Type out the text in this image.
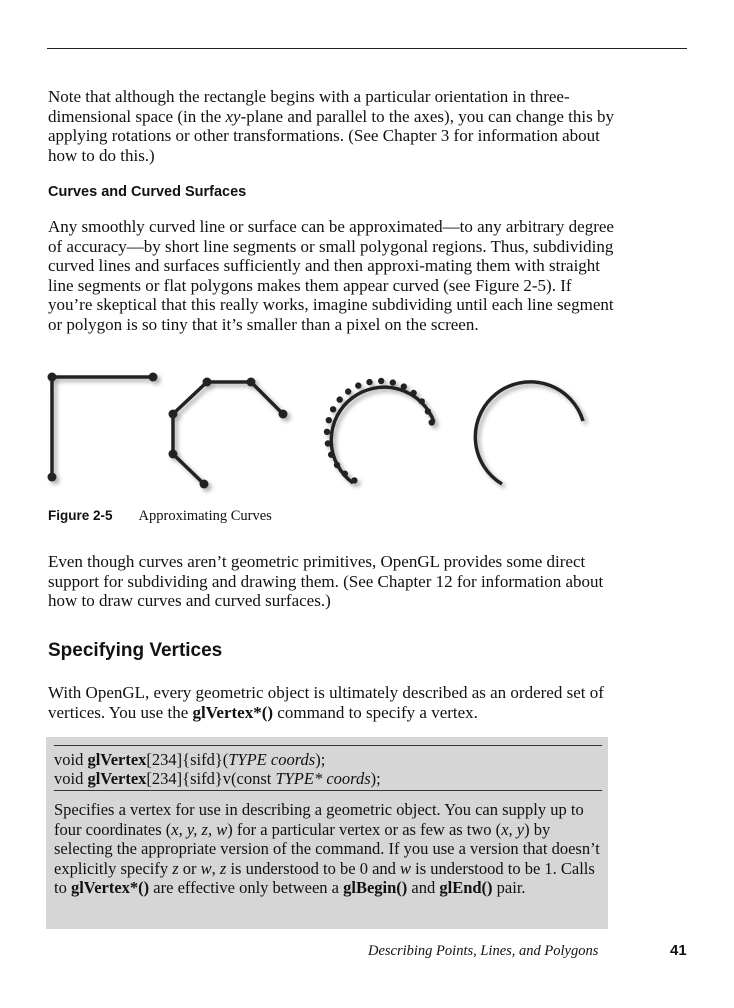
Note that although the rectangle begins with a particular orientation in three-dimensional space (in the xy-plane and parallel to the axes), you can change this by applying rotations or other transformations. (See Chapter 3 for information about how to do this.)

Curves and Curved Surfaces

Any smoothly curved line or surface can be approximated—to any arbitrary degree of accuracy—by short line segments or small polygonal regions. Thus, subdividing curved lines and surfaces sufficiently and then approxi-mating them with straight line segments or flat polygons makes them appear curved (see Figure 2-5). If you’re skeptical that this really works, imagine subdividing until each line segment or polygon is so tiny that it’s smaller than a pixel on the screen.

Figure 2-5 Approximating Curves

Even though curves aren’t geometric primitives, OpenGL provides some direct support for subdividing and drawing them. (See Chapter 12 for information about how to draw curves and curved surfaces.)

Specifying Vertices

With OpenGL, every geometric object is ultimately described as an ordered set of vertices. You use the glVertex*() command to specify a vertex.

void glVertex[234]{sifd}(TYPE coords);

void glVertex[234]{sifd}v(const TYPE* coords);

Specifies a vertex for use in describing a geometric object. You can supply up to four coordinates (x, y, z, w) for a particular vertex or as few as two (x, y) by selecting the appropriate version of the command. If you use a version that doesn’t explicitly specify z or w, z is understood to be 0 and w is understood to be 1. Calls to glVertex*() are effective only between a glBegin() and glEnd() pair.

Describing Points, Lines, and Polygons	41
